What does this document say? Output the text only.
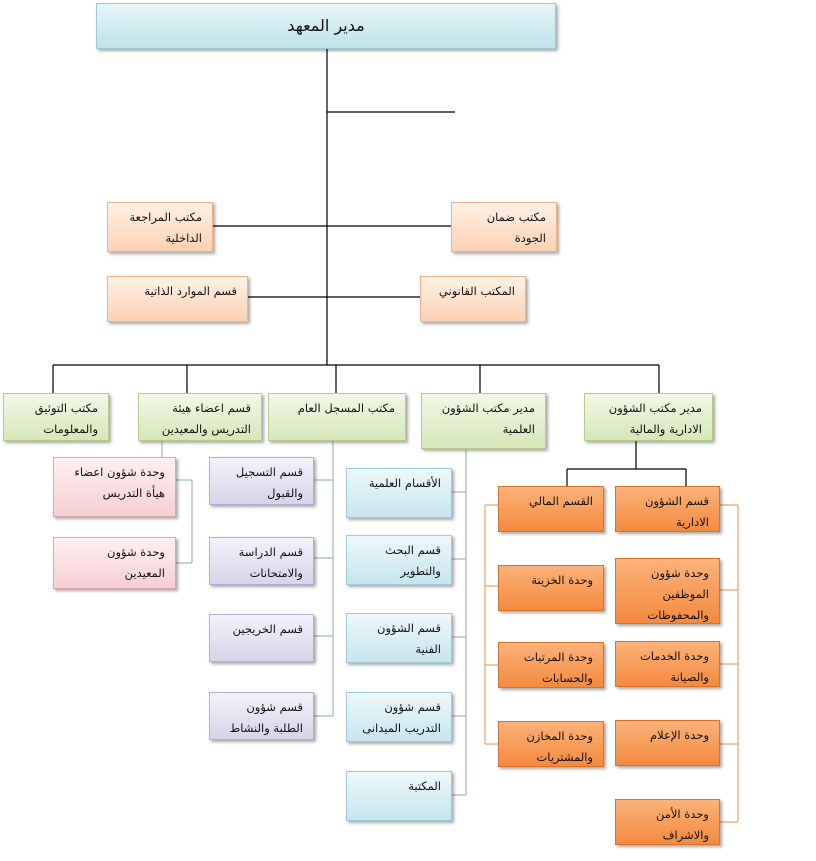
مدير المعهد
مكتب المراجعة الداخلية
مكتب ضمان الجودة
قسم الموارد الذاتية	المكتب القانوني
مكتب التوثيق والمعلومات
قسم اعضاء هيئة التدريس والمعيدين
مكتب المسجل العام	مدير مكتب الشؤون العلمية
مدير مكتب الشؤون الادارية والمالية
وحدة شؤون اعضاء هيأة التدريس
وحدة شؤون المعيدين
قسم التسجيل والقبول
قسم الدراسة والامتحانات
قسم الخريجين
قسم شؤون الطلبة والنشاط
الأقسام العلمية
قسم البحث والتطوير
قسم الشؤون الفنية
قسم شؤون التدريب الميدانى
المكتبة
القسم المالي
وحدة الخزينة
وحدة المرتبات والحسابات
وحدة المخازن والمشتريات
قسم الشؤون الادارية
وحدة شؤون الموظفين والمحفوظات
وحدة الخدمات والصيانة
وحدة الإعلام
وحدة الأمن والاشراف
